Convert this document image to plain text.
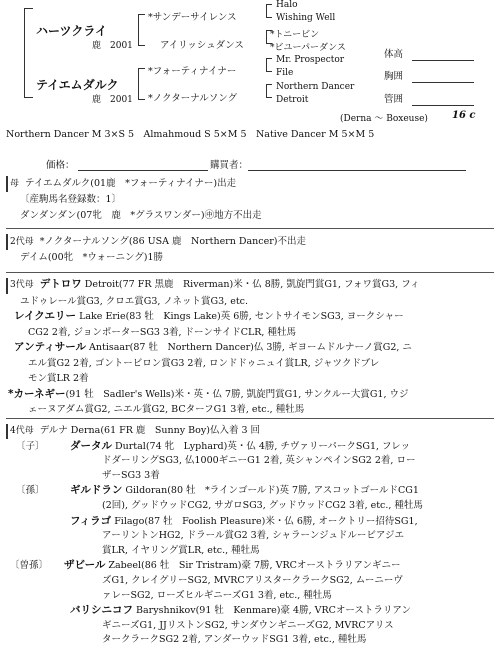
ハーツクライ
鹿　2001
テイエムダルク
鹿　2001
*サンデーサイレンス
アイリッシュダンス
*フォーティナイナー
*ノクターナルソング
Halo
Wishing Well
*トニービン
*ビユーパーダンス
Mr. Prospector
File
Northern Dancer
Detroit
体高
胸囲
管囲
(Derna ～ Boxeuse) 16 c
Northern Dancer M 3×S 5　Almahmoud S 5×M 5　Native Dancer M 5×M 5
価格：	購買者：

母 テイエムダルク(01鹿　*フォーティナイナー)出走

〔産駒馬名登録数：1〕

ダンダンダン(07牝　鹿　*グラスワンダー)㊥地方不出走

2代母 *ノクターナルソング(86 USA 鹿　Northern Dancer)不出走

デイム(00牝　*ウォーニング)1勝

3代母 デトロワ Detroit(77 FR 黒鹿　Riverman)米・仏 8勝, 凱旋門賞G1, フォワ賞G3, フィ

ユドゥレール賞G3, クロエ賞G3, ノネット賞G3, etc.

レイクエリー Lake Erie(83 牡　Kings Lake)英 6勝, セントサイモンSG3, ヨークシャー

CG2 2着, ジョンポーターSG3 3着, ドーンサイドCLR, 種牡馬

アンティサール Antisaar(87 牡　Northern Dancer)仏 3勝, ギヨームドルナーノ賞G2, ニ

エル賞G2 2着, ゴントービロン賞G3 2着, ロンドドゥニュイ賞LR, ジャツクドブレ

モン賞LR 2着

*カーネギー(91 牡　Sadler's Wells)米・英・仏 7勝, 凱旋門賞G1, サンクルー大賞G1, ウジ

ェーヌアダム賞G2, ニエル賞G2, BCターフG1 3着, etc., 種牡馬

4代母 デルナ Derna(61 FR 鹿　Sunny Boy)仏入着 3 回

〔子〕 ダータル Durtal(74 牝　Lyphard)英・仏 4勝, チヴァリーパークSG1, フレッ

ドダーリングSG3, 仏1000ギニーG1 2着, 英シャンペインSG2 2着, ロー

ザーSG3 3着

〔孫〕 ギルドラン Gildoran(80 牡　*ラインゴールド)英 7勝, アスコットゴールドCG1

(2回), グッドウッドCG2, サガロSG3, グッドウッドCG2 3着, etc., 種牡馬

フィラゴ Filago(87 牡　Foolish Pleasure)米・仏 6勝, オークトリー招待SG1,

アーリントンHG2, ドラール賞G2 3着, シャラーンジュドルービアジエ

賞LR, イヤリング賞LR, etc., 種牡馬

〔曽孫〕 ザビール Zabeel(86 牡　Sir Tristram)豪 7勝, VRCオーストラリアンギニー

ズG1, クレイグリーSG2, MVRCアリスタークラークSG2, ムーニーヴ

ァレーSG2, ローズヒルギニーズG1 3着, etc., 種牡馬

バリシニコフ Baryshnikov(91 牡　Kenmare)豪 4勝, VRCオーストラリアン

ギニーズG1, JJリストンSG2, サンダウンギニーズG2, MVRCアリス

タークラークSG2 2着, アンダーウッドSG1 3着, etc., 種牡馬
